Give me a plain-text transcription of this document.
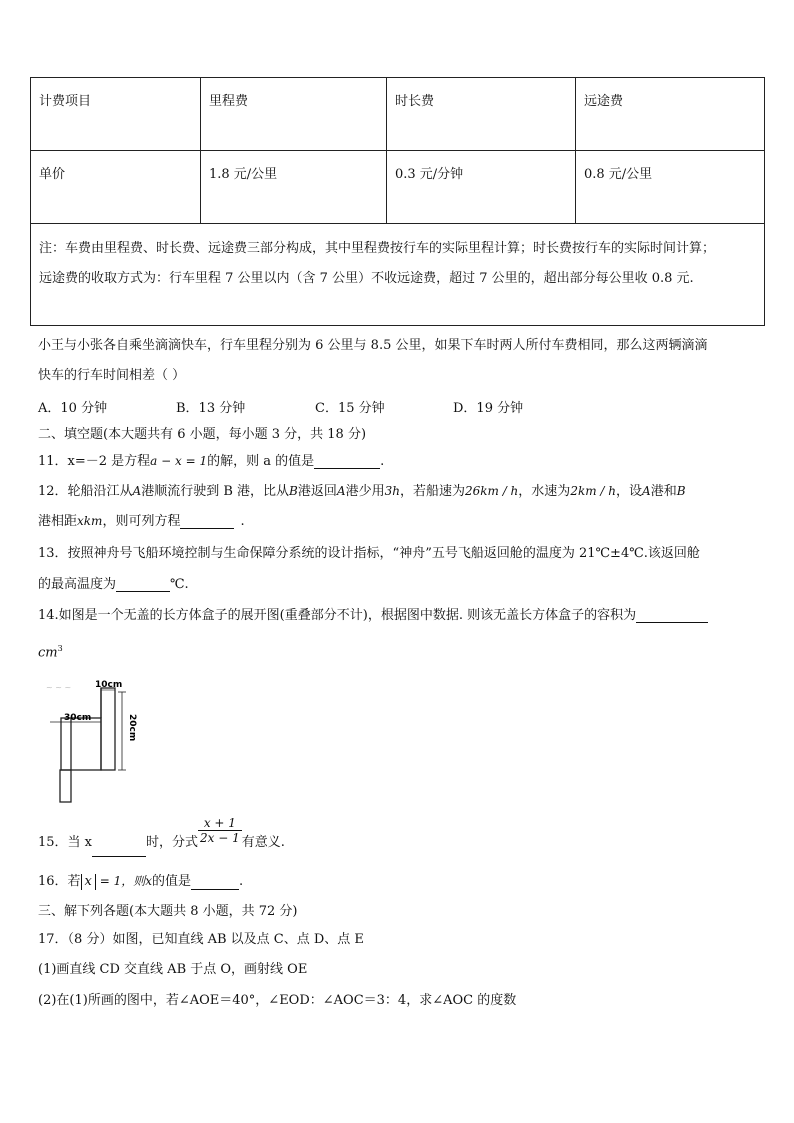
计费项目	里程费	时长费	远途费
单价	1.8 元/公里	0.3 元/分钟	0.8 元/公里

注：车费由里程费、时长费、远途费三部分构成，其中里程费按行车的实际里程计算；时长费按行车的实际时间计算；
远途费的收取方式为：行车里程 7 公里以内（含 7 公里）不收远途费，超过 7 公里的，超出部分每公里收 0.8 元.			
小王与小张各自乘坐滴滴快车，行车里程分别为 6 公里与 8.5 公里，如果下车时两人所付车费相同，那么这两辆滴滴
快车的行车时间相差（ ）
A．10 分钟	B．13 分钟	C．15 分钟	D．19 分钟
二、填空题(本大题共有 6 小题，每小题 3 分，共 18 分)
11．x=－2 是方程a − x = 1的解，则 a 的值是	.
12．轮船沿江从A港顺流行驶到 B 港，比从B港返回A港少用3h，若船速为26km / h，水速为2km / h，设A港和B
港相距xkm，则可列方程	.
13．按照神舟号飞船环境控制与生命保障分系统的设计指标，“神舟”五号飞船返回舱的温度为 21℃±4℃.该返回舱
的最高温度为	℃.
14.如图是一个无盖的长方体盒子的展开图(重叠部分不计)，根据图中数据. 则该无盖长方体盒子的容积为
$cm^3$
10cm
30cm	20cm
~ ~ ~
15．当 x	时，分式 $\frac{x + 1}{2x - 1}$ 有意义.
16．若 x = 1，则x的值是	.
三、解下列各题(本大题共 8 小题，共 72 分)
17．（8 分）如图，已知直线 AB 以及点 C、点 D、点 E
(1)画直线 CD 交直线 AB 于点 O，画射线 OE
(2)在(1)所画的图中，若∠AOE＝40°，∠EOD：∠AOC＝3：4，求∠AOC 的度数
